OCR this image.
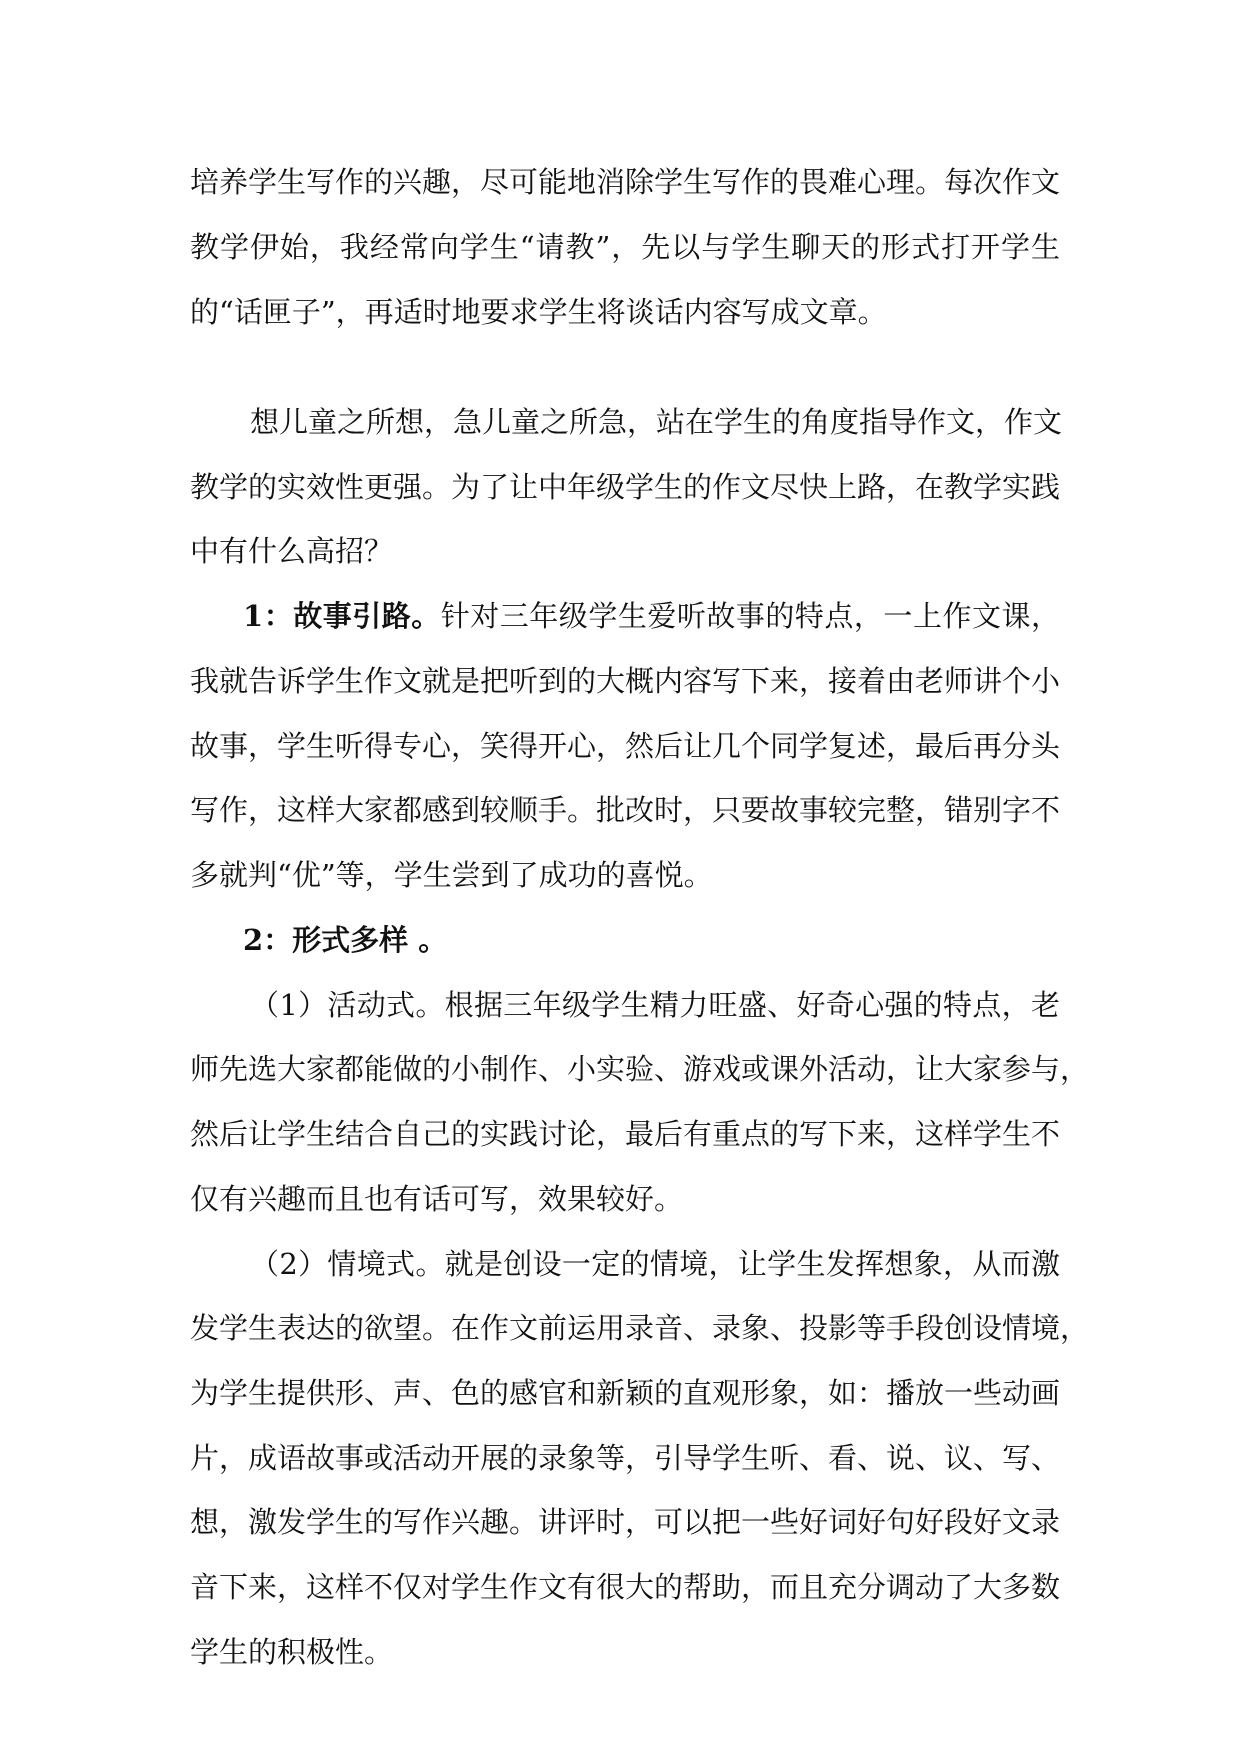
培养学生写作的兴趣，尽可能地消除学生写作的畏难心理。每次作文
教学伊始，我经常向学生“请教”，先以与学生聊天的形式打开学生
的“话匣子”，再适时地要求学生将谈话内容写成文章。
想儿童之所想，急儿童之所急，站在学生的角度指导作文，作文
教学的实效性更强。为了让中年级学生的作文尽快上路，在教学实践
中有什么高招？
1：故事引路。针对三年级学生爱听故事的特点，一上作文课，
我就告诉学生作文就是把听到的大概内容写下来，接着由老师讲个小
故事，学生听得专心，笑得开心，然后让几个同学复述，最后再分头
写作，这样大家都感到较顺手。批改时，只要故事较完整，错别字不
多就判“优”等，学生尝到了成功的喜悦。
2：形式多样 。
（1）活动式。根据三年级学生精力旺盛、好奇心强的特点，老
师先选大家都能做的小制作、小实验、游戏或课外活动，让大家参与，
然后让学生结合自己的实践讨论，最后有重点的写下来，这样学生不
仅有兴趣而且也有话可写，效果较好。
（2）情境式。就是创设一定的情境，让学生发挥想象，从而激
发学生表达的欲望。在作文前运用录音、录象、投影等手段创设情境，
为学生提供形、声、色的感官和新颖的直观形象，如：播放一些动画
片，成语故事或活动开展的录象等，引导学生听、看、说、议、写、
想，激发学生的写作兴趣。讲评时，可以把一些好词好句好段好文录
音下来，这样不仅对学生作文有很大的帮助，而且充分调动了大多数
学生的积极性。
